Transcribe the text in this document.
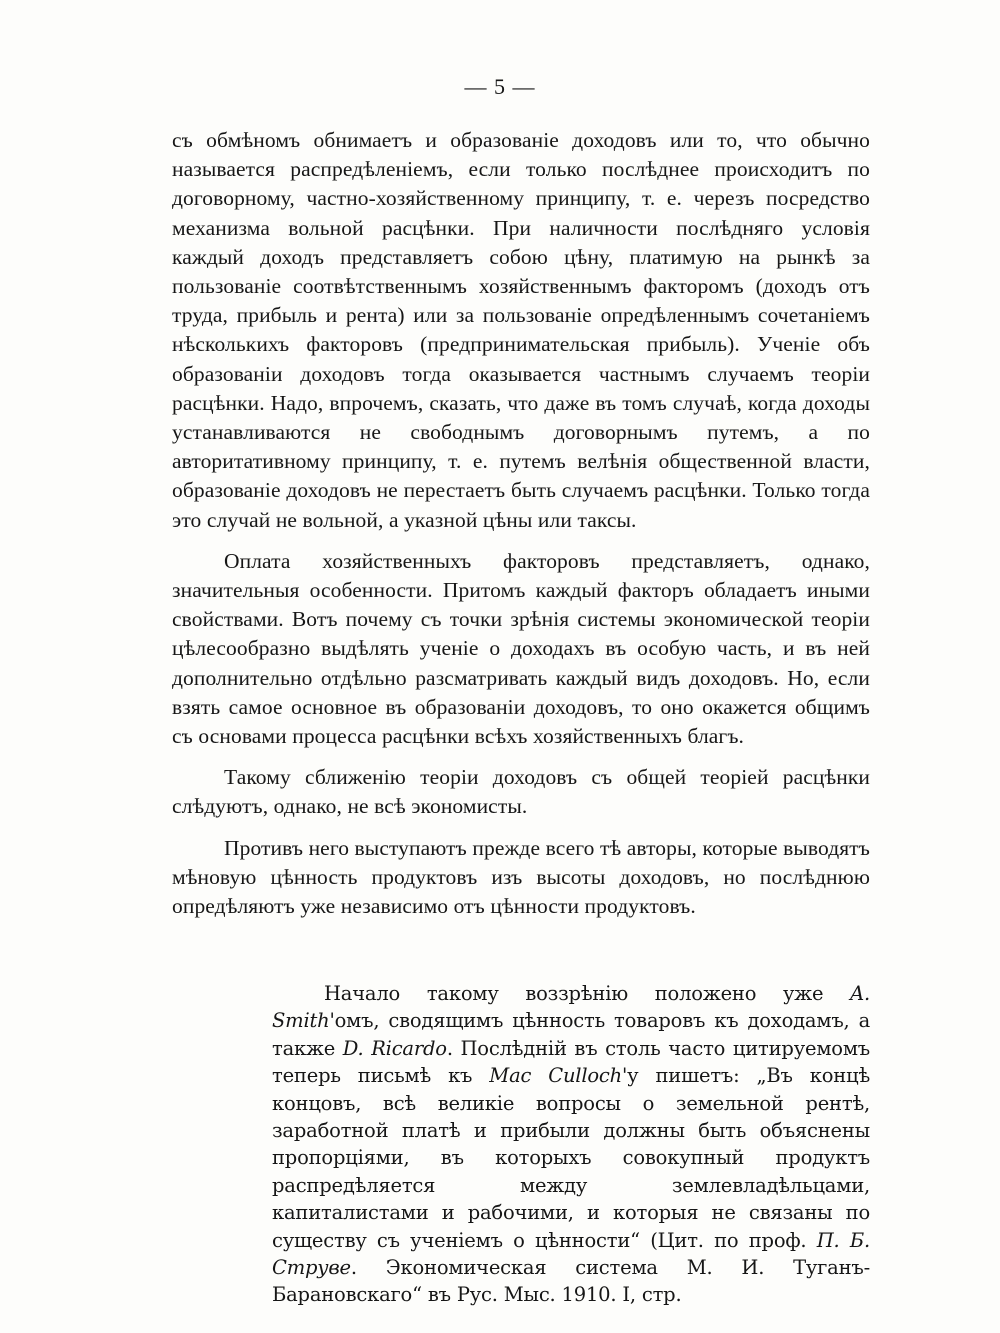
— 5 —

съ обмѣномъ обнимаетъ и образованіе доходовъ или то, что обычно называется распредѣленіемъ, если только послѣднее происходитъ по договорному, частно-хозяйственному принципу, т. е. черезъ посредство механизма вольной расцѣнки. При наличности послѣдняго условія каждый доходъ представляетъ собою цѣну, платимую на рынкѣ за пользованіе соотвѣтственнымъ хозяйственнымъ факторомъ (доходъ отъ труда, прибыль и рента) или за пользованіе опредѣленнымъ сочетаніемъ нѣсколькихъ факторовъ (предпринимательская прибыль). Ученіе объ образованіи доходовъ тогда оказывается частнымъ случаемъ теоріи расцѣнки. Надо, впрочемъ, сказать, что даже въ томъ случаѣ, когда доходы устанавливаются не свободнымъ договорнымъ путемъ, а по авторитативному принципу, т. е. путемъ велѣнія общественной власти, образованіе доходовъ не перестаетъ быть случаемъ расцѣнки. Только тогда это случай не вольной, а указной цѣны или таксы.

Оплата хозяйственныхъ факторовъ представляетъ, однако, значительныя особенности. Притомъ каждый факторъ обладаетъ иными свойствами. Вотъ почему съ точки зрѣнія системы экономической теоріи цѣлесообразно выдѣлять ученіе о доходахъ въ особую часть, и въ ней дополнительно отдѣльно разсматривать каждый видъ доходовъ. Но, если взять самое основное въ образованіи доходовъ, то оно окажется общимъ съ основами процесса расцѣнки всѣхъ хозяйственныхъ благъ.

Такому сближенію теоріи доходовъ съ общей теоріей расцѣнки слѣдуютъ, однако, не всѣ экономисты.

Противъ него выступаютъ прежде всего тѣ авторы, которые выводятъ мѣновую цѣнность продуктовъ изъ высоты доходовъ, но послѣднюю опредѣляютъ уже независимо отъ цѣнности продуктовъ.

Начало такому воззрѣнію положено уже A. Smith'омъ, сводящимъ цѣнность товаровъ къ доходамъ, а также D. Ricardo. Послѣдній въ столь часто цитируемомъ теперь письмѣ къ Mac Culloch'у пишетъ: „Въ концѣ концовъ, всѣ великіе вопросы о земельной рентѣ, заработной платѣ и прибыли должны быть объяснены пропорціями, въ которыхъ совокупный продуктъ распредѣляется между землевладѣльцами, капиталистами и рабочими, и которыя не связаны по существу съ ученіемъ о цѣнности“ (Цит. по проф. П. Б. Струве. Экономическая система М. И. Туганъ-Барановскаго“ въ Рус. Мыс. 1910. I, стр.
